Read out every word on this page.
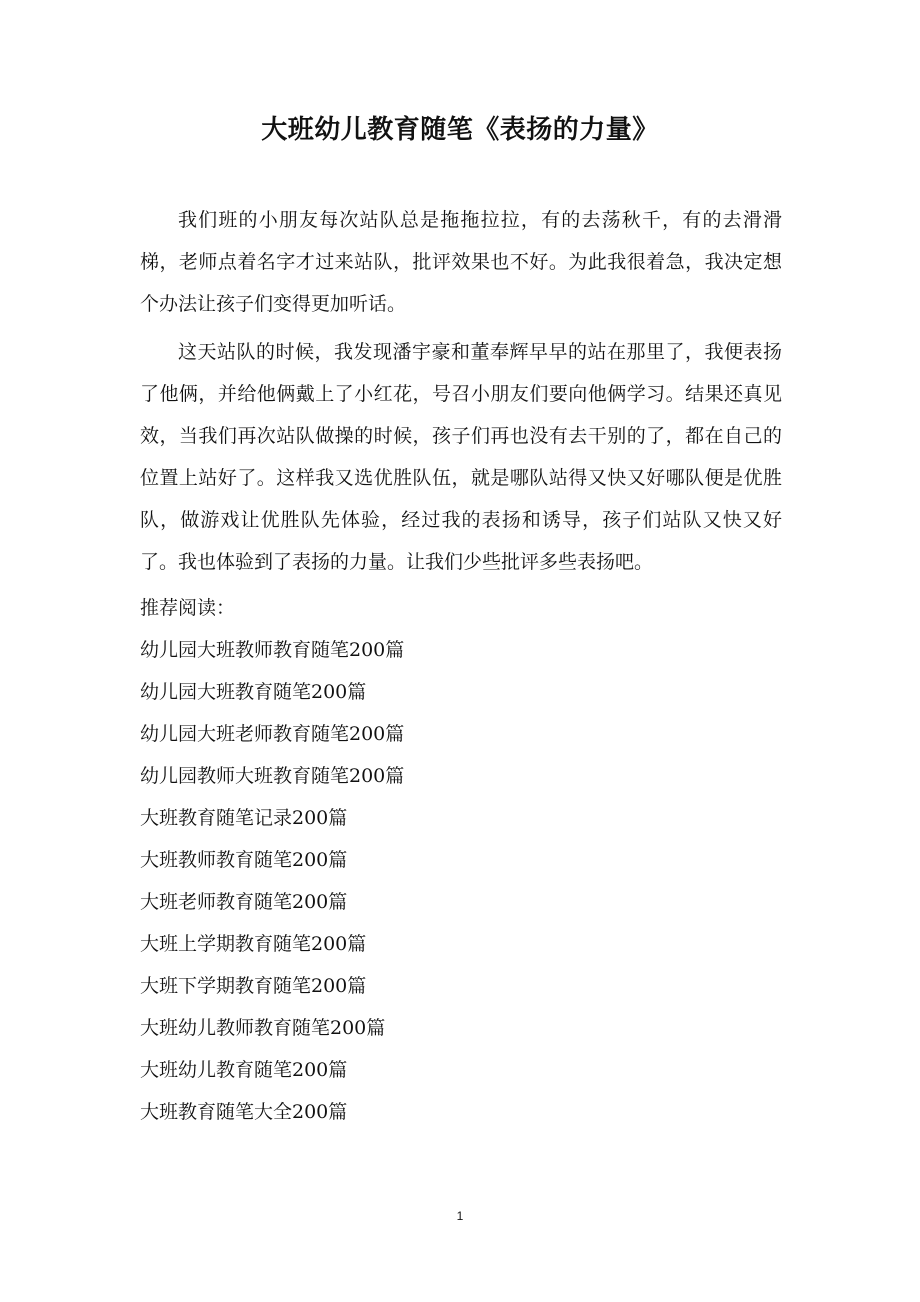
大班幼儿教育随笔《表扬的力量》

我们班的小朋友每次站队总是拖拖拉拉，有的去荡秋千，有的去滑滑梯，老师点着名字才过来站队，批评效果也不好。为此我很着急，我决定想个办法让孩子们变得更加听话。

这天站队的时候，我发现潘宇豪和董奉辉早早的站在那里了，我便表扬了他俩，并给他俩戴上了小红花，号召小朋友们要向他俩学习。结果还真见效，当我们再次站队做操的时候，孩子们再也没有去干别的了，都在自己的位置上站好了。这样我又选优胜队伍，就是哪队站得又快又好哪队便是优胜队，做游戏让优胜队先体验，经过我的表扬和诱导，孩子们站队又快又好了。我也体验到了表扬的力量。让我们少些批评多些表扬吧。

推荐阅读：
幼儿园大班教师教育随笔200篇
幼儿园大班教育随笔200篇
幼儿园大班老师教育随笔200篇
幼儿园教师大班教育随笔200篇
大班教育随笔记录200篇
大班教师教育随笔200篇
大班老师教育随笔200篇
大班上学期教育随笔200篇
大班下学期教育随笔200篇
大班幼儿教师教育随笔200篇
大班幼儿教育随笔200篇
大班教育随笔大全200篇
1
